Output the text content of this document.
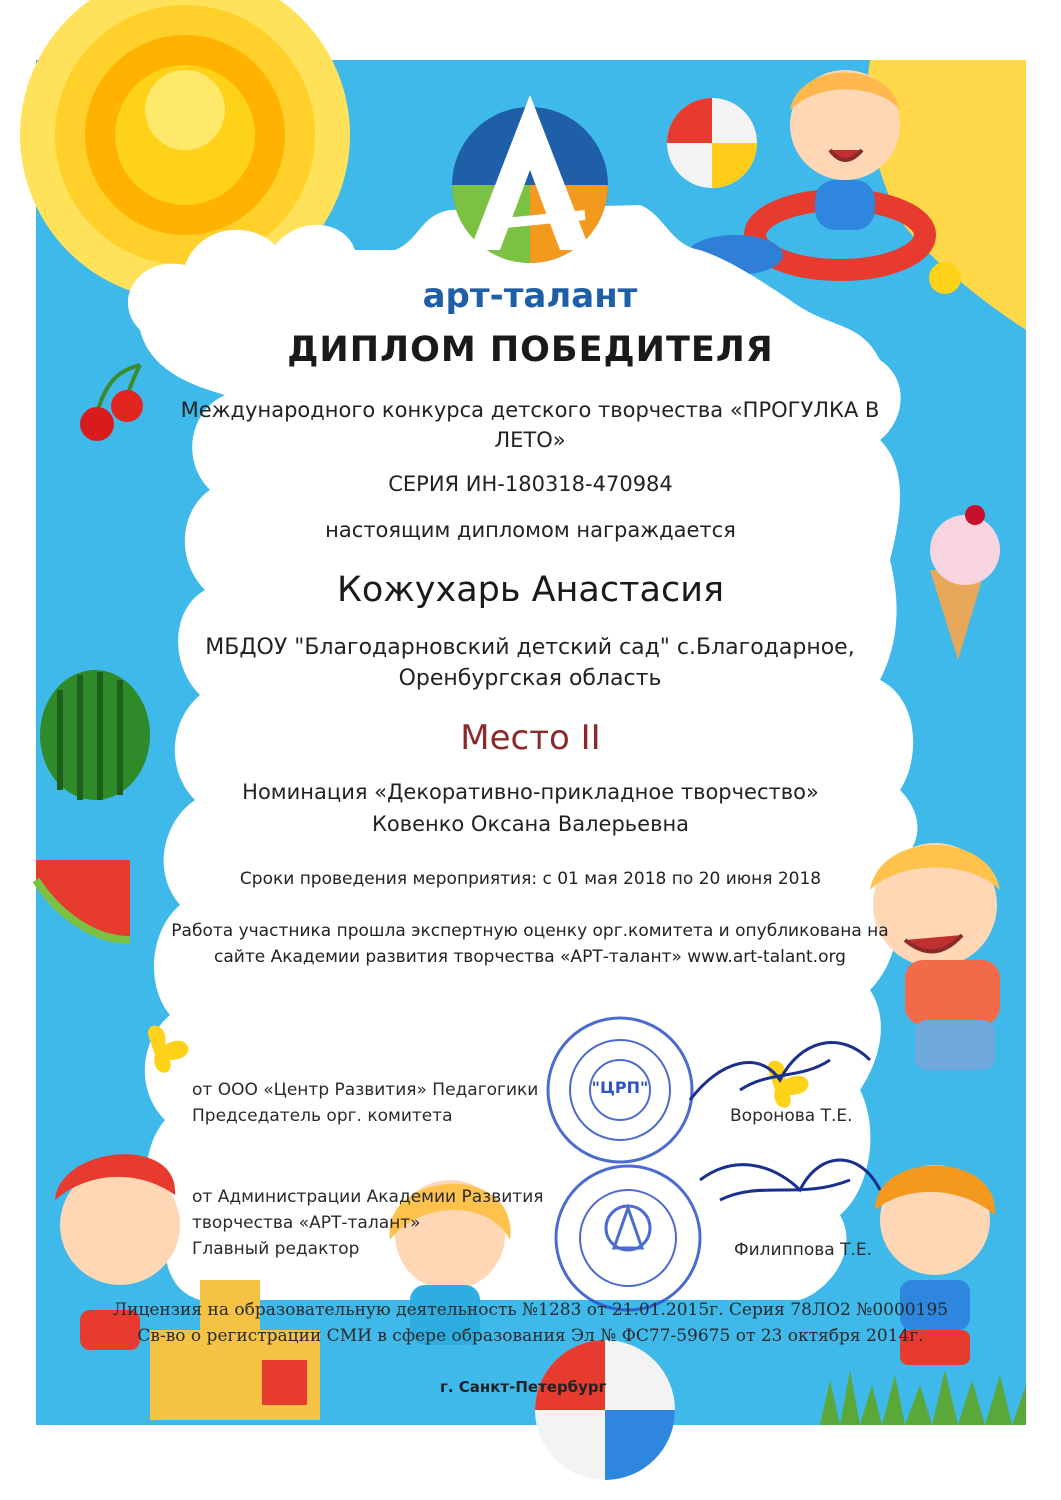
"ЦРП"
арт-талант
ДИПЛОМ ПОБЕДИТЕЛЯ
Международного конкурса детского творчества «ПРОГУЛКА В ЛЕТО»
СЕРИЯ ИН-180318-470984
настоящим дипломом награждается
Кожухарь Анастасия
МБДОУ "Благодарновский детский сад" с.Благодарное, Оренбургская область
Место II
Номинация «Декоративно-прикладное творчество»
Ковенко Оксана Валерьевна
Сроки проведения мероприятия: с 01 мая 2018 по 20 июня 2018
Работа участника прошла экспертную оценку орг.комитета и опубликована на сайте Академии развития творчества «АРТ-талант» www.art-talant.org
от ООО «Центр Развития» Педагогики
Председатель орг. комитета	Воронова Т.Е.
от Администрации Академии Развития
творчества «АРТ-талант»
Главный редактор	Филиппова Т.Е.
Лицензия на образовательную деятельность №1283 от 21.01.2015г. Серия 78ЛО2 №0000195
Св-во о регистрации СМИ в сфере образования Эл № ФС77-59675 от 23 октября 2014г.
г. Санкт-Петербург
